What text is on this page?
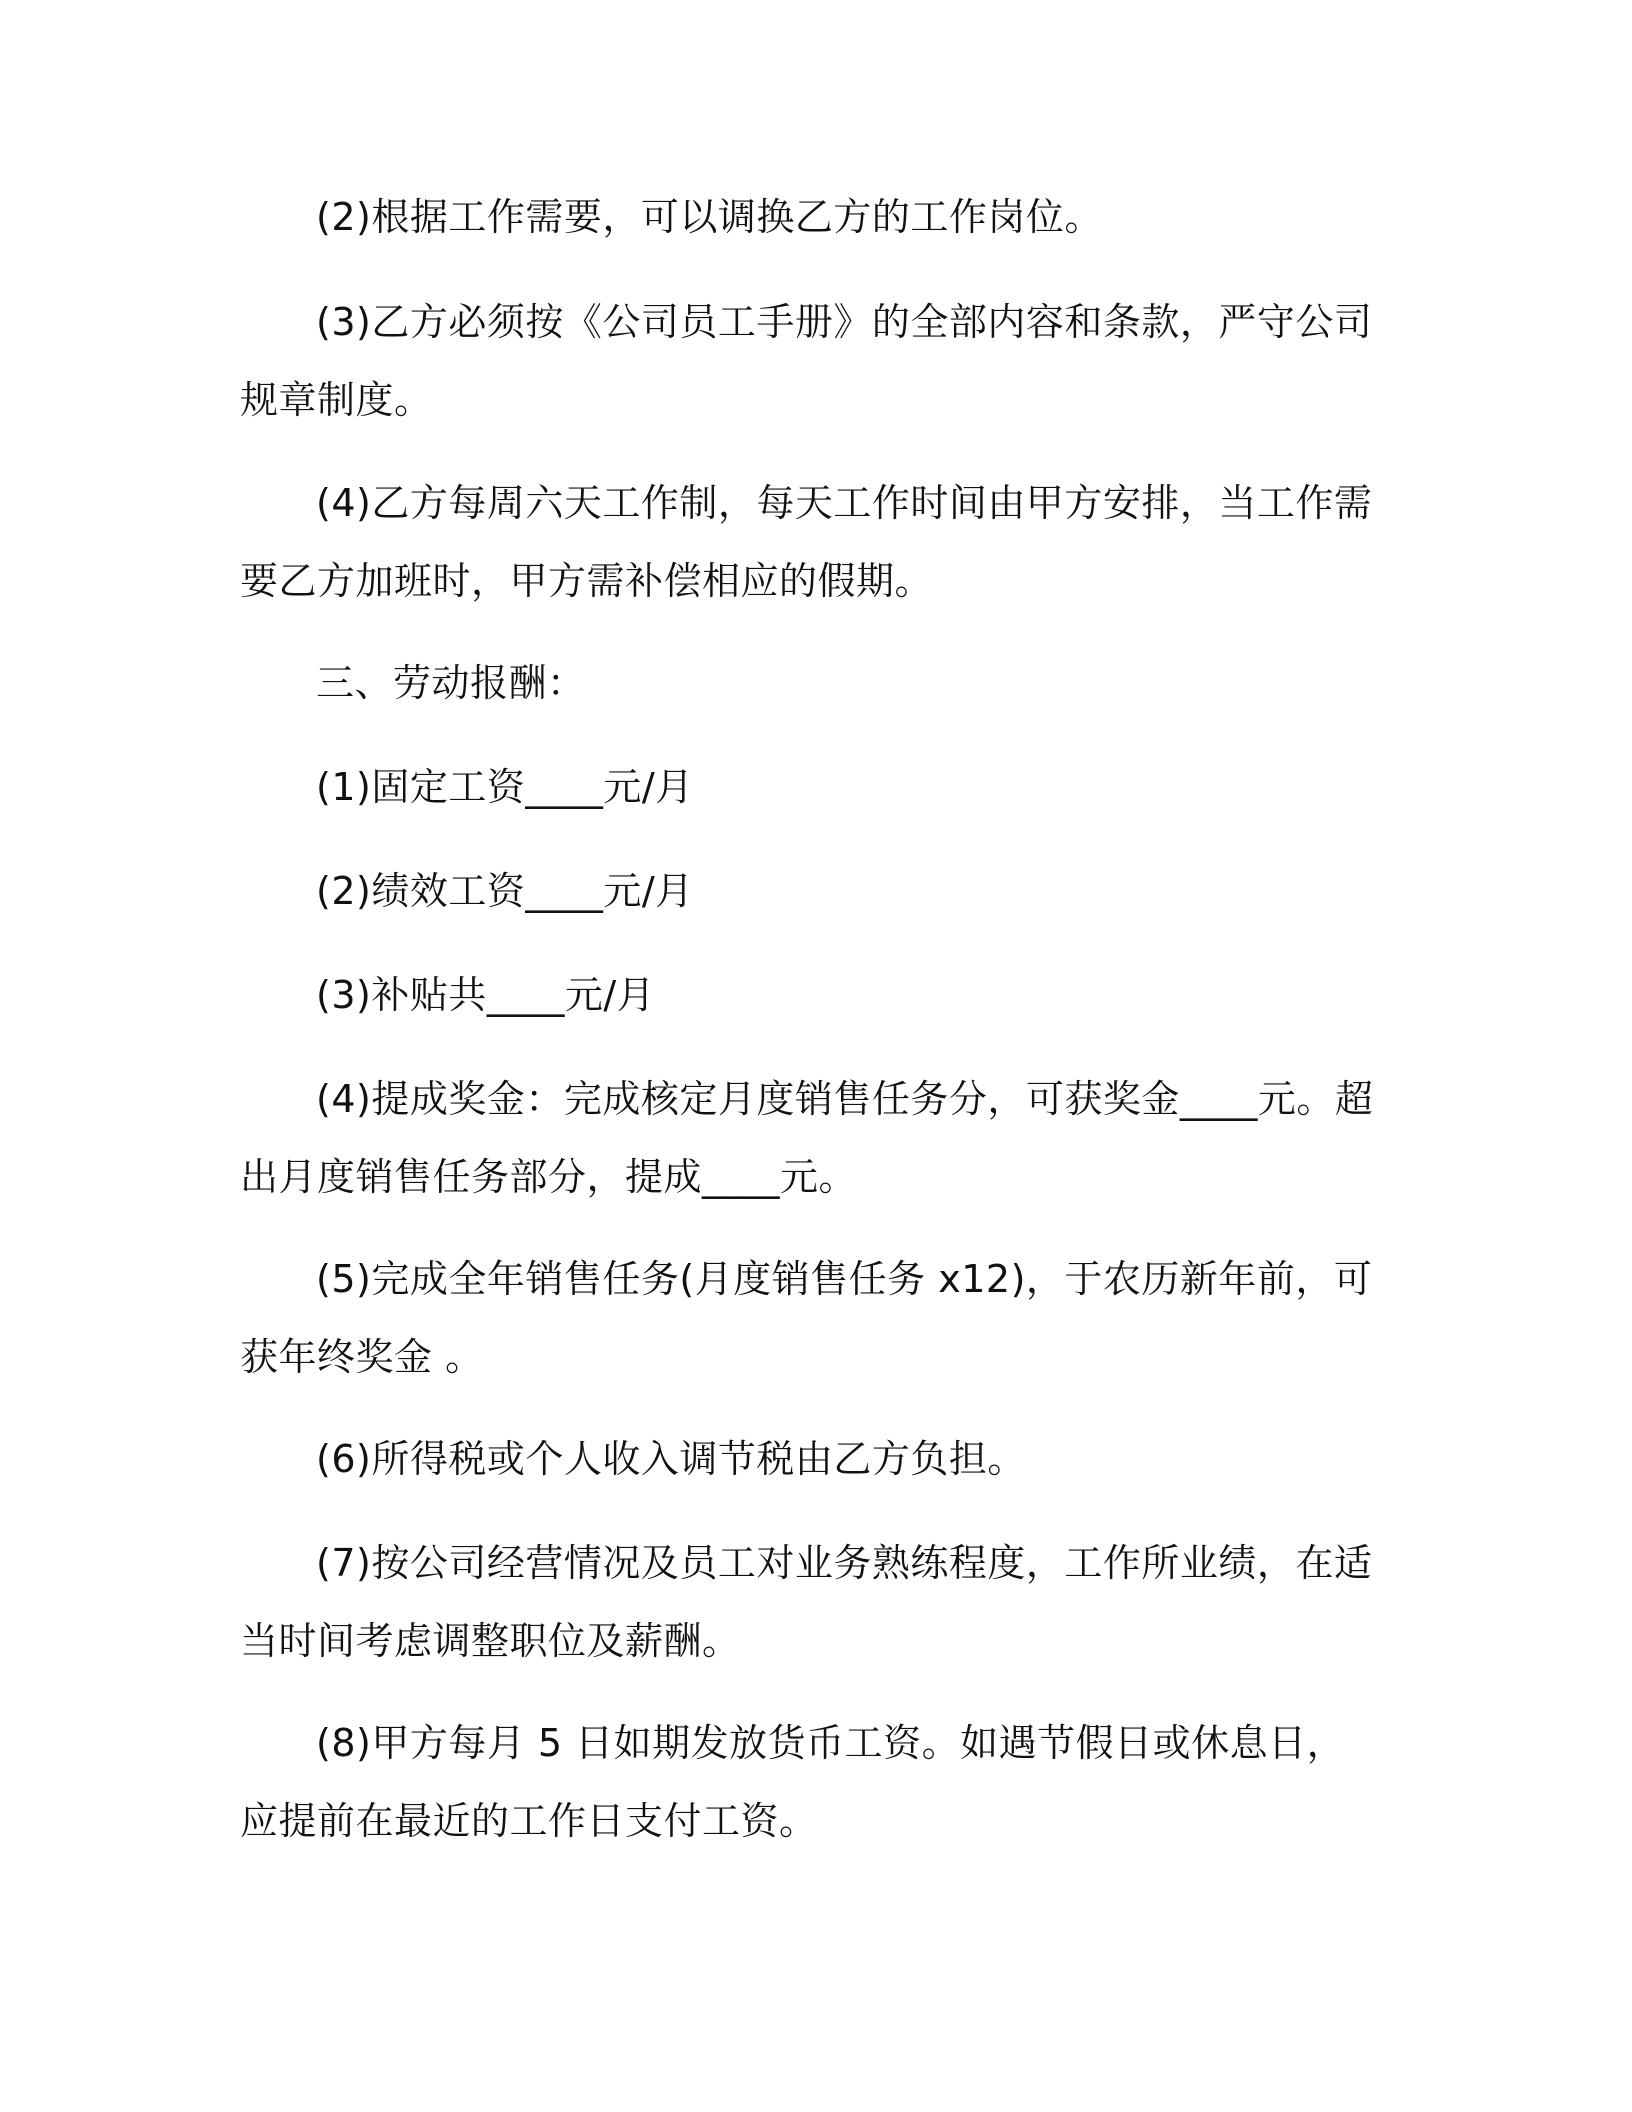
(2)根据工作需要，可以调换乙方的工作岗位。

(3)乙方必须按《公司员工手册》的全部内容和条款，严守公司规章制度。

(4)乙方每周六天工作制，每天工作时间由甲方安排，当工作需要乙方加班时，甲方需补偿相应的假期。

三、劳动报酬：

(1)固定工资____元/月

(2)绩效工资____元/月

(3)补贴共____元/月

(4)提成奖金：完成核定月度销售任务分，可获奖金____元。超出月度销售任务部分，提成____元。

(5)完成全年销售任务(月度销售任务 x12)，于农历新年前，可获年终奖金 。

(6)所得税或个人收入调节税由乙方负担。

(7)按公司经营情况及员工对业务熟练程度，工作所业绩，在适当时间考虑调整职位及薪酬。

(8)甲方每月 5 日如期发放货币工资。如遇节假日或休息日，应提前在最近的工作日支付工资。
